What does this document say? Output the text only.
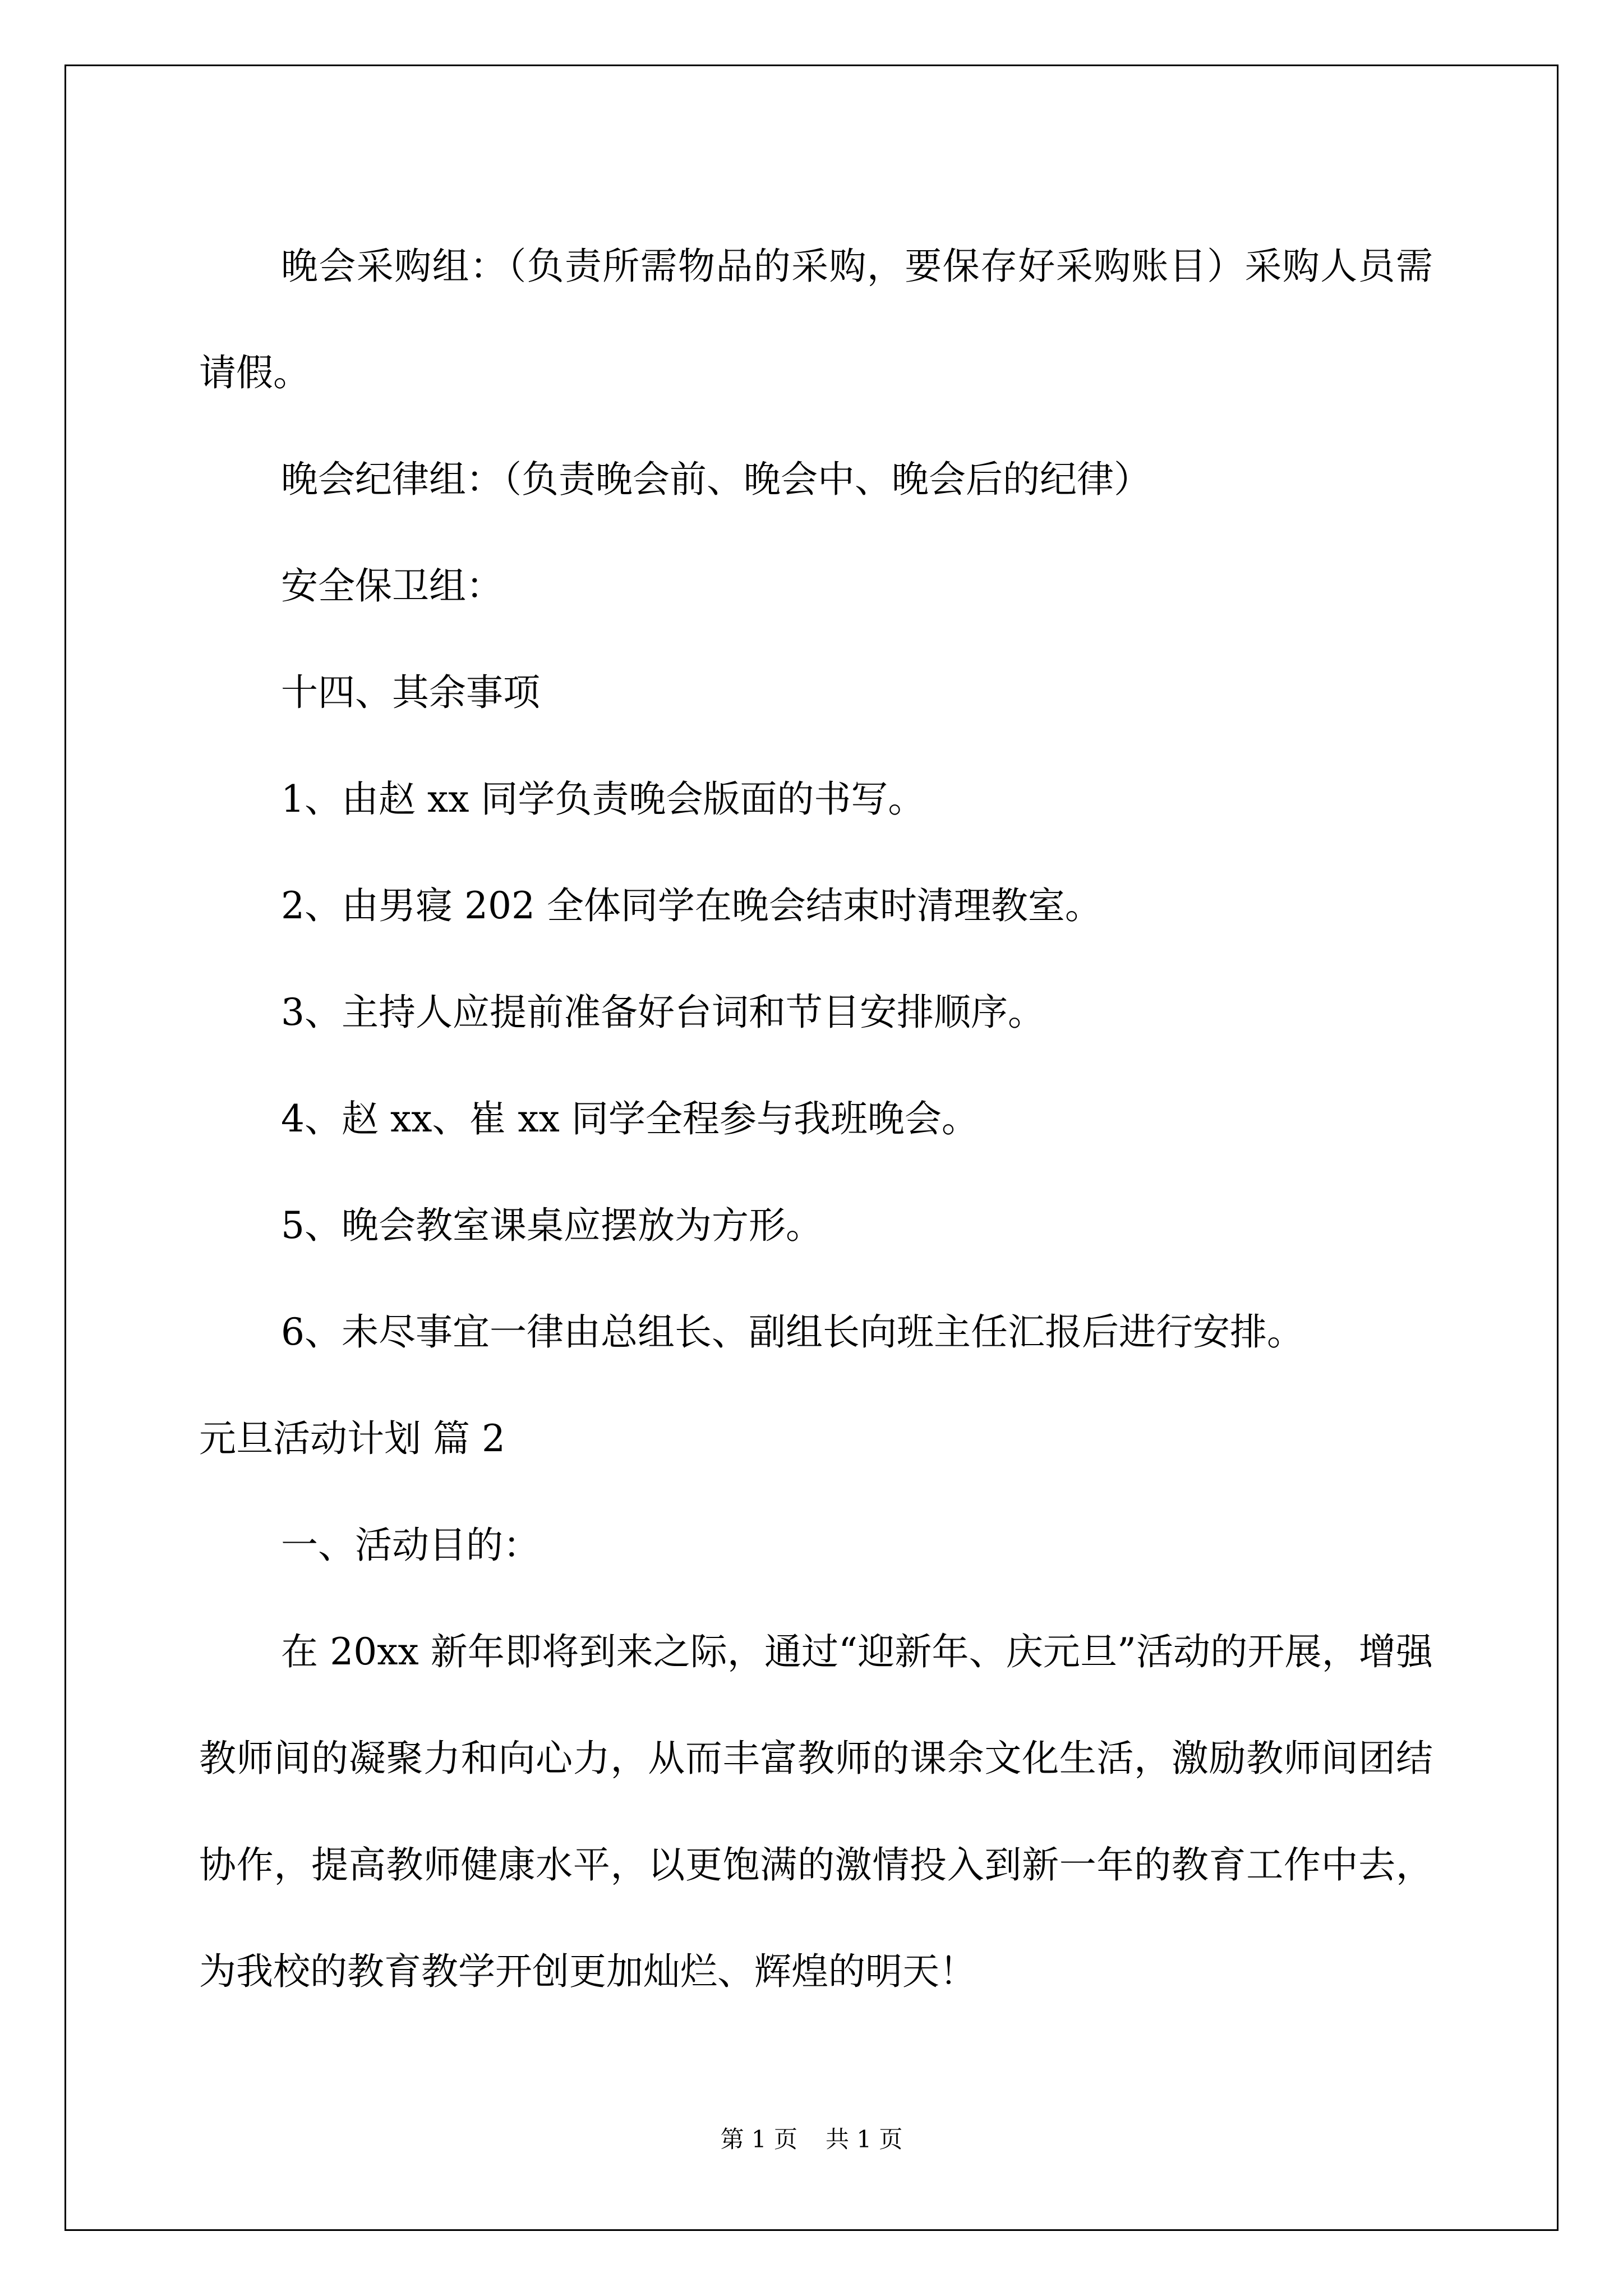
晚会采购组：（负责所需物品的采购，要保存好采购账目）采购人员需请假。

晚会纪律组：（负责晚会前、晚会中、晚会后的纪律）

安全保卫组：

十四、其余事项

1、由赵 xx 同学负责晚会版面的书写。

2、由男寝 202 全体同学在晚会结束时清理教室。

3、主持人应提前准备好台词和节目安排顺序。

4、赵 xx、崔 xx 同学全程参与我班晚会。

5、晚会教室课桌应摆放为方形。

6、未尽事宜一律由总组长、副组长向班主任汇报后进行安排。

元旦活动计划 篇 2

一、活动目的：

在 20xx 新年即将到来之际，通过“迎新年、庆元旦”活动的开展，增强教师间的凝聚力和向心力，从而丰富教师的课余文化生活，激励教师间团结协作，提高教师健康水平，以更饱满的激情投入到新一年的教育工作中去，为我校的教育教学开创更加灿烂、辉煌的明天！

第 1 页 共 1 页
